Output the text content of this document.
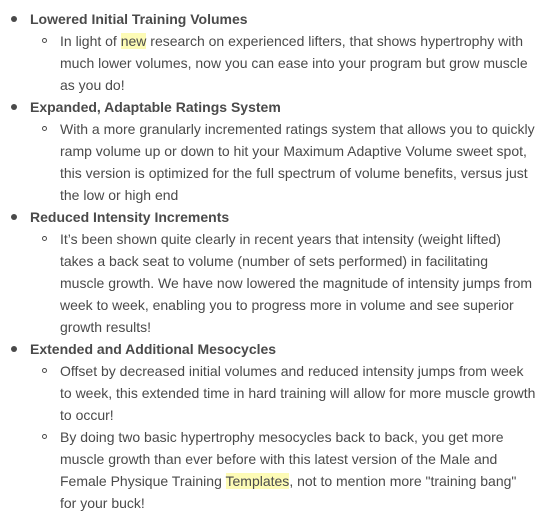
Lowered Initial Training Volumes
In light of new research on experienced lifters, that shows hypertrophy with much lower volumes, now you can ease into your program but grow muscle as you do!
Expanded, Adaptable Ratings System
With a more granularly incremented ratings system that allows you to quickly ramp volume up or down to hit your Maximum Adaptive Volume sweet spot, this version is optimized for the full spectrum of volume benefits, versus just the low or high end
Reduced Intensity Increments
It’s been shown quite clearly in recent years that intensity (weight lifted) takes a back seat to volume (number of sets performed) in facilitating muscle growth. We have now lowered the magnitude of intensity jumps from week to week, enabling you to progress more in volume and see superior growth results!
Extended and Additional Mesocycles
Offset by decreased initial volumes and reduced intensity jumps from week to week, this extended time in hard training will allow for more muscle growth to occur!
By doing two basic hypertrophy mesocycles back to back, you get more muscle growth than ever before with this latest version of the Male and Female Physique Training Templates, not to mention more "training bang" for your buck!
